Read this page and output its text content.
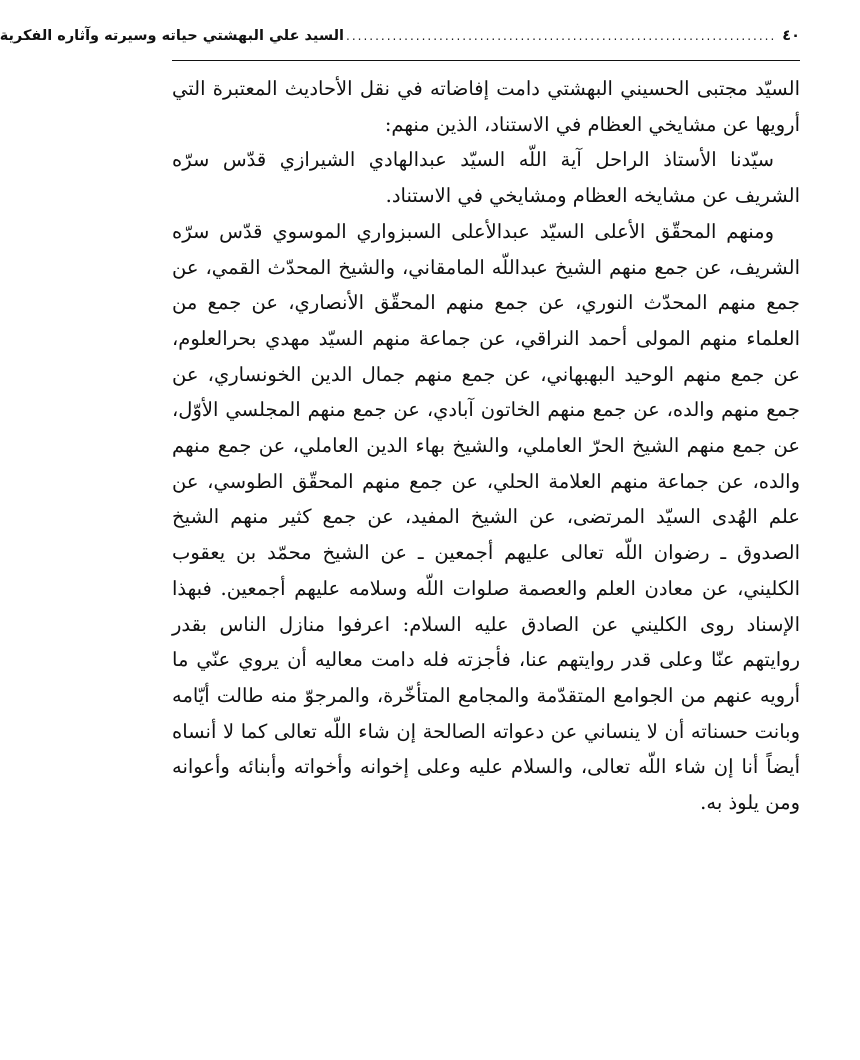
٤٠
..........................................................................
السيد علي البهشتي حياته وسيرته وآثاره الفكرية

السيّد مجتبى الحسيني البهشتي دامت إفاضاته في نقل الأحاديث المعتبرة التي أرويها عن مشايخي العظام في الاستناد، الذين منهم:

سيّدنا الأستاذ الراحل آية اللّه السيّد عبدالهادي الشيرازي قدّس سرّه الشريف عن مشايخه العظام ومشايخي في الاستناد.

ومنهم المحقّق الأعلى السيّد عبدالأعلى السبزواري الموسوي قدّس سرّه الشريف، عن جمع منهم الشيخ عبداللّه المامقاني، والشيخ المحدّث القمي، عن جمع منهم المحدّث النوري، عن جمع منهم المحقّق الأنصاري، عن جمع من العلماء منهم المولى أحمد النراقي، عن جماعة منهم السيّد مهدي بحرالعلوم، عن جمع منهم الوحيد البهبهاني، عن جمع منهم جمال الدين الخونساري، عن جمع منهم والده، عن جمع منهم الخاتون آبادي، عن جمع منهم المجلسي الأوّل، عن جمع منهم الشيخ الحرّ العاملي، والشيخ بهاء الدين العاملي، عن جمع منهم والده، عن جماعة منهم العلامة الحلي، عن جمع منهم المحقّق الطوسي، عن علم الهُدى السيّد المرتضى، عن الشيخ المفيد، عن جمع كثير منهم الشيخ الصدوق ـ رضوان اللّه تعالى عليهم أجمعين ـ عن الشيخ محمّد بن يعقوب الكليني، عن معادن العلم والعصمة صلوات اللّه وسلامه عليهم أجمعين. فبهذا الإسناد روى الكليني عن الصادق عليه السلام: اعرفوا منازل الناس بقدر روايتهم عنّا وعلى قدر روايتهم عنا، فأجزته فله دامت معاليه أن يروي عنّي ما أرويه عنهم من الجوامع المتقدّمة والمجامع المتأخّرة، والمرجوّ منه طالت أيّامه وبانت حسناته أن لا ينساني عن دعواته الصالحة إن شاء اللّه تعالى كما لا أنساه أيضاً أنا إن شاء اللّه تعالى، والسلام عليه وعلى إخوانه وأخواته وأبنائه وأعوانه ومن يلوذ به.
